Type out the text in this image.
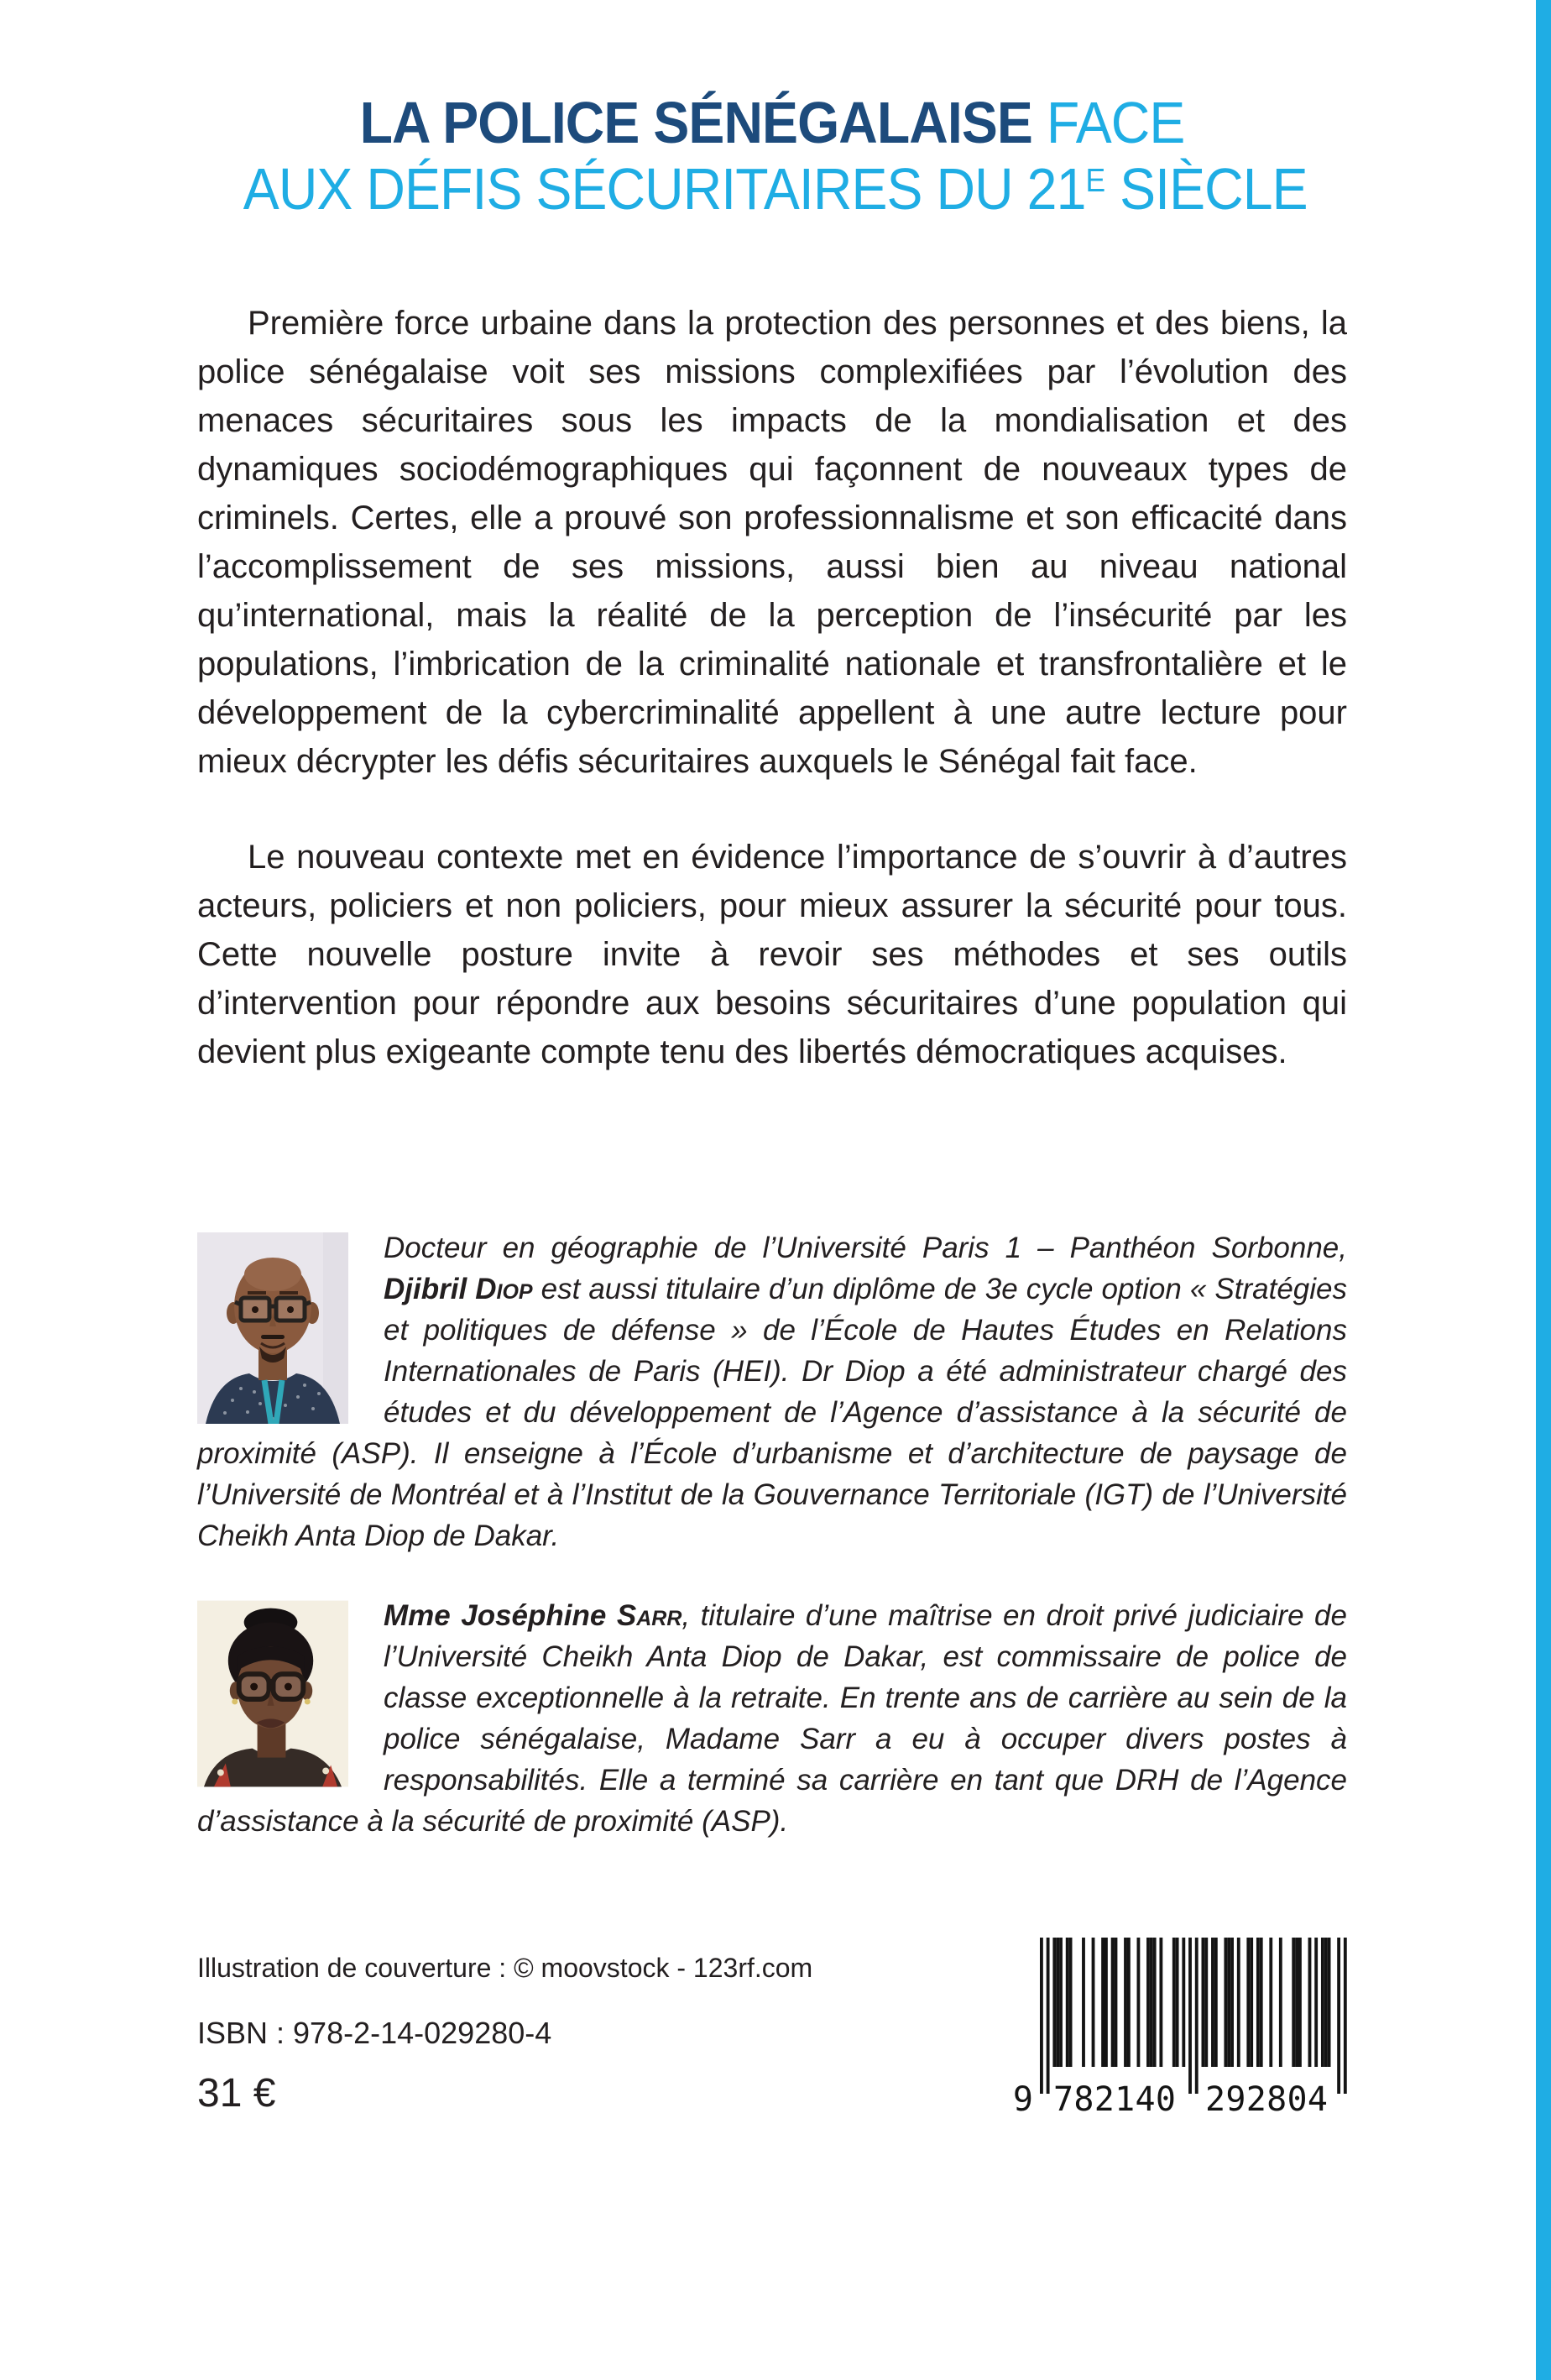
LA POLICE SÉNÉGALAISE FACE
AUX DÉFIS SÉCURITAIRES DU $21^E$ SIÈCLE

Première force urbaine dans la protection des personnes et des biens, la police sénégalaise voit ses missions complexifiées par l’évolution des menaces sécuritaires sous les impacts de la mondialisation et des dynamiques sociodémographiques qui façonnent de nouveaux types de criminels. Certes, elle a prouvé son professionnalisme et son efficacité dans l’accomplissement de ses missions, aussi bien au niveau national qu’international, mais la réalité de la perception de l’insécurité par les populations, l’imbrication de la criminalité nationale et transfrontalière et le développement de la cybercriminalité appellent à une autre lecture pour mieux décrypter les défis sécuritaires auxquels le Sénégal fait face.

Le nouveau contexte met en évidence l’importance de s’ouvrir à d’autres acteurs, policiers et non policiers, pour mieux assurer la sécurité pour tous. Cette nouvelle posture invite à revoir ses méthodes et ses outils d’intervention pour répondre aux besoins sécuritaires d’une population qui devient plus exigeante compte tenu des libertés démocratiques acquises.

Docteur en géographie de l’Université Paris 1 – Panthéon Sorbonne, Djibril Diop est aussi titulaire d’un diplôme de 3e cycle option « Stratégies et politiques de défense » de l’École de Hautes Études en Relations Internationales de Paris (HEI). Dr Diop a été administrateur chargé des études et du développement de l’Agence d’assistance à la sécurité de proximité (ASP). Il enseigne à l’École d’urbanisme et d’architecture de paysage de l’Université de Montréal et à l’Institut de la Gouvernance Territoriale (IGT) de l’Université Cheikh Anta Diop de Dakar.

Mme Joséphine Sarr, titulaire d’une maîtrise en droit privé judiciaire de l’Université Cheikh Anta Diop de Dakar, est commissaire de police de classe exceptionnelle à la retraite. En trente ans de carrière au sein de la police sénégalaise, Madame Sarr a eu à occuper divers postes à responsabilités. Elle a terminé sa carrière en tant que DRH de l’Agence d’assistance à la sécurité de proximité (ASP).

Illustration de couverture : © moovstock - 123rf.com
ISBN : 978-2-14-029280-4
31 €	9 782140 292804
